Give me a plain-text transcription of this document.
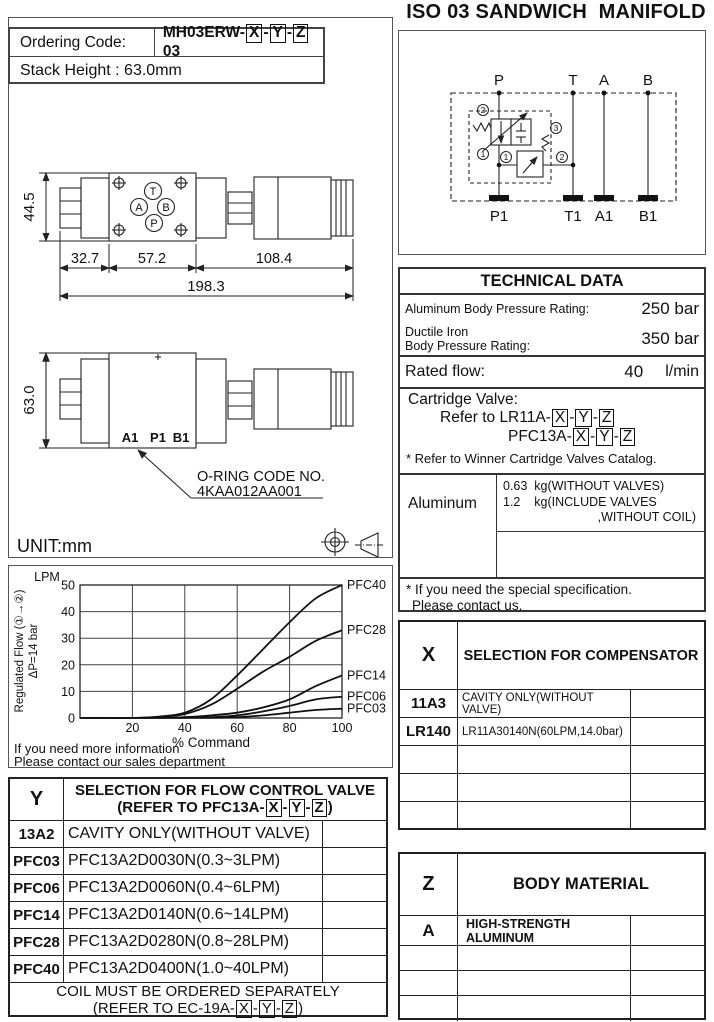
T
A B
P
44.5
32.7	57.2	108.4
198.3
63.0
A1 P1 B1
O-RING CODE NO.
4KAA012AA001
UNIT:mm
Ordering Code:
MH03ERW- X - Y - Z03
Stack Height : 63.0mm
ISO 03 SANDWICH  MANIFOLD
2
1
3
1	2
P	T A B
P1	T1 A1 B1
TECHNICAL DATA
Aluminum Body Pressure Rating:	250 bar
Ductile Iron
Body Pressure Rating:	350 bar
Rated flow:	40 l/min
Cartridge Valve:
Refer to LR11A- X - Y - Z
PFC13A- X - Y - Z
* Refer to Winner Cartridge Valves Catalog.
Aluminum
0.63  kg(WITHOUT VALVES)
1.2    kg(INCLUDE VALVES
,WITHOUT COIL)
* If you need the special specification.
Please contact us.
0
10
20
30
40
50
20	40	60	80	100
PFC40
PFC28
PFC14
PFC06
PFC03
LPM
Regulated Flow (①→②) ΔP=14 bar
% Command
If you need more information
Please contact our sales department
X	SELECTION FOR COMPENSATOR
11A3	CAVITY ONLY(WITHOUT VALVE)
LR140 LR11A30140N(60LPM,14.0bar)
Y	SELECTION FOR FLOW CONTROL VALVE
(REFER TO PFC13A- X - Y - Z )
13A2 CAVITY ONLY(WITHOUT VALVE)
PFC03 PFC13A2D0030N(0.3~3LPM)
PFC06 PFC13A2D0060N(0.4~6LPM)
PFC14 PFC13A2D0140N(0.6~14LPM)
PFC28 PFC13A2D0280N(0.8~28LPM)
PFC40 PFC13A2D0400N(1.0~40LPM)
COIL MUST BE ORDERED SEPARATELY
(REFER TO EC-19A- X - Y - Z )
Z	BODY MATERIAL
A	HIGH-STRENGTH ALUMINUM
